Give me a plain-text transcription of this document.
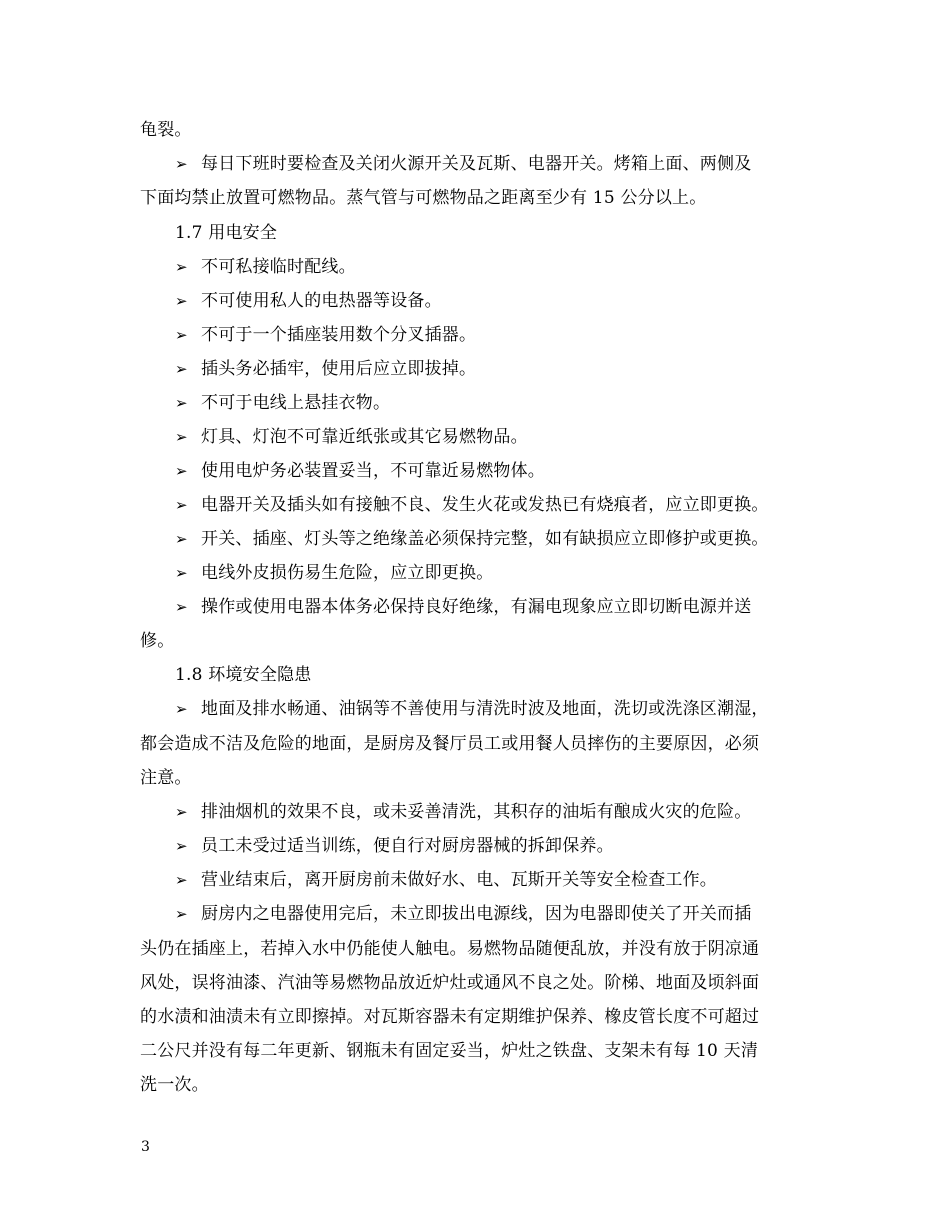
龟裂。
➢ 每日下班时要检查及关闭火源开关及瓦斯、电器开关。烤箱上面、两侧及
下面均禁止放置可燃物品。蒸气管与可燃物品之距离至少有 15 公分以上。
1.7 用电安全
➢ 不可私接临时配线。
➢ 不可使用私人的电热器等设备。
➢ 不可于一个插座装用数个分叉插器。
➢ 插头务必插牢，使用后应立即拔掉。
➢ 不可于电线上悬挂衣物。
➢ 灯具、灯泡不可靠近纸张或其它易燃物品。
➢ 使用电炉务必装置妥当，不可靠近易燃物体。
➢ 电器开关及插头如有接触不良、发生火花或发热已有烧痕者，应立即更换。
➢ 开关、插座、灯头等之绝缘盖必须保持完整，如有缺损应立即修护或更换。
➢ 电线外皮损伤易生危险，应立即更换。
➢ 操作或使用电器本体务必保持良好绝缘，有漏电现象应立即切断电源并送
修。
1.8 环境安全隐患
➢ 地面及排水畅通、油锅等不善使用与清洗时波及地面，洗切或洗涤区潮湿，
都会造成不洁及危险的地面，是厨房及餐厅员工或用餐人员摔伤的主要原因，必须
注意。
➢ 排油烟机的效果不良，或未妥善清洗，其积存的油垢有酿成火灾的危险。
➢ 员工未受过适当训练，便自行对厨房器械的拆卸保养。
➢ 营业结束后，离开厨房前未做好水、电、瓦斯开关等安全检查工作。
➢ 厨房内之电器使用完后，未立即拔出电源线，因为电器即使关了开关而插
头仍在插座上，若掉入水中仍能使人触电。易燃物品随便乱放，并没有放于阴凉通
风处，误将油漆、汽油等易燃物品放近炉灶或通风不良之处。阶梯、地面及顷斜面
的水渍和油渍未有立即擦掉。对瓦斯容器未有定期维护保养、橡皮管长度不可超过
二公尺并没有每二年更新、钢瓶未有固定妥当，炉灶之铁盘、支架未有每 10 天清
洗一次。
3
